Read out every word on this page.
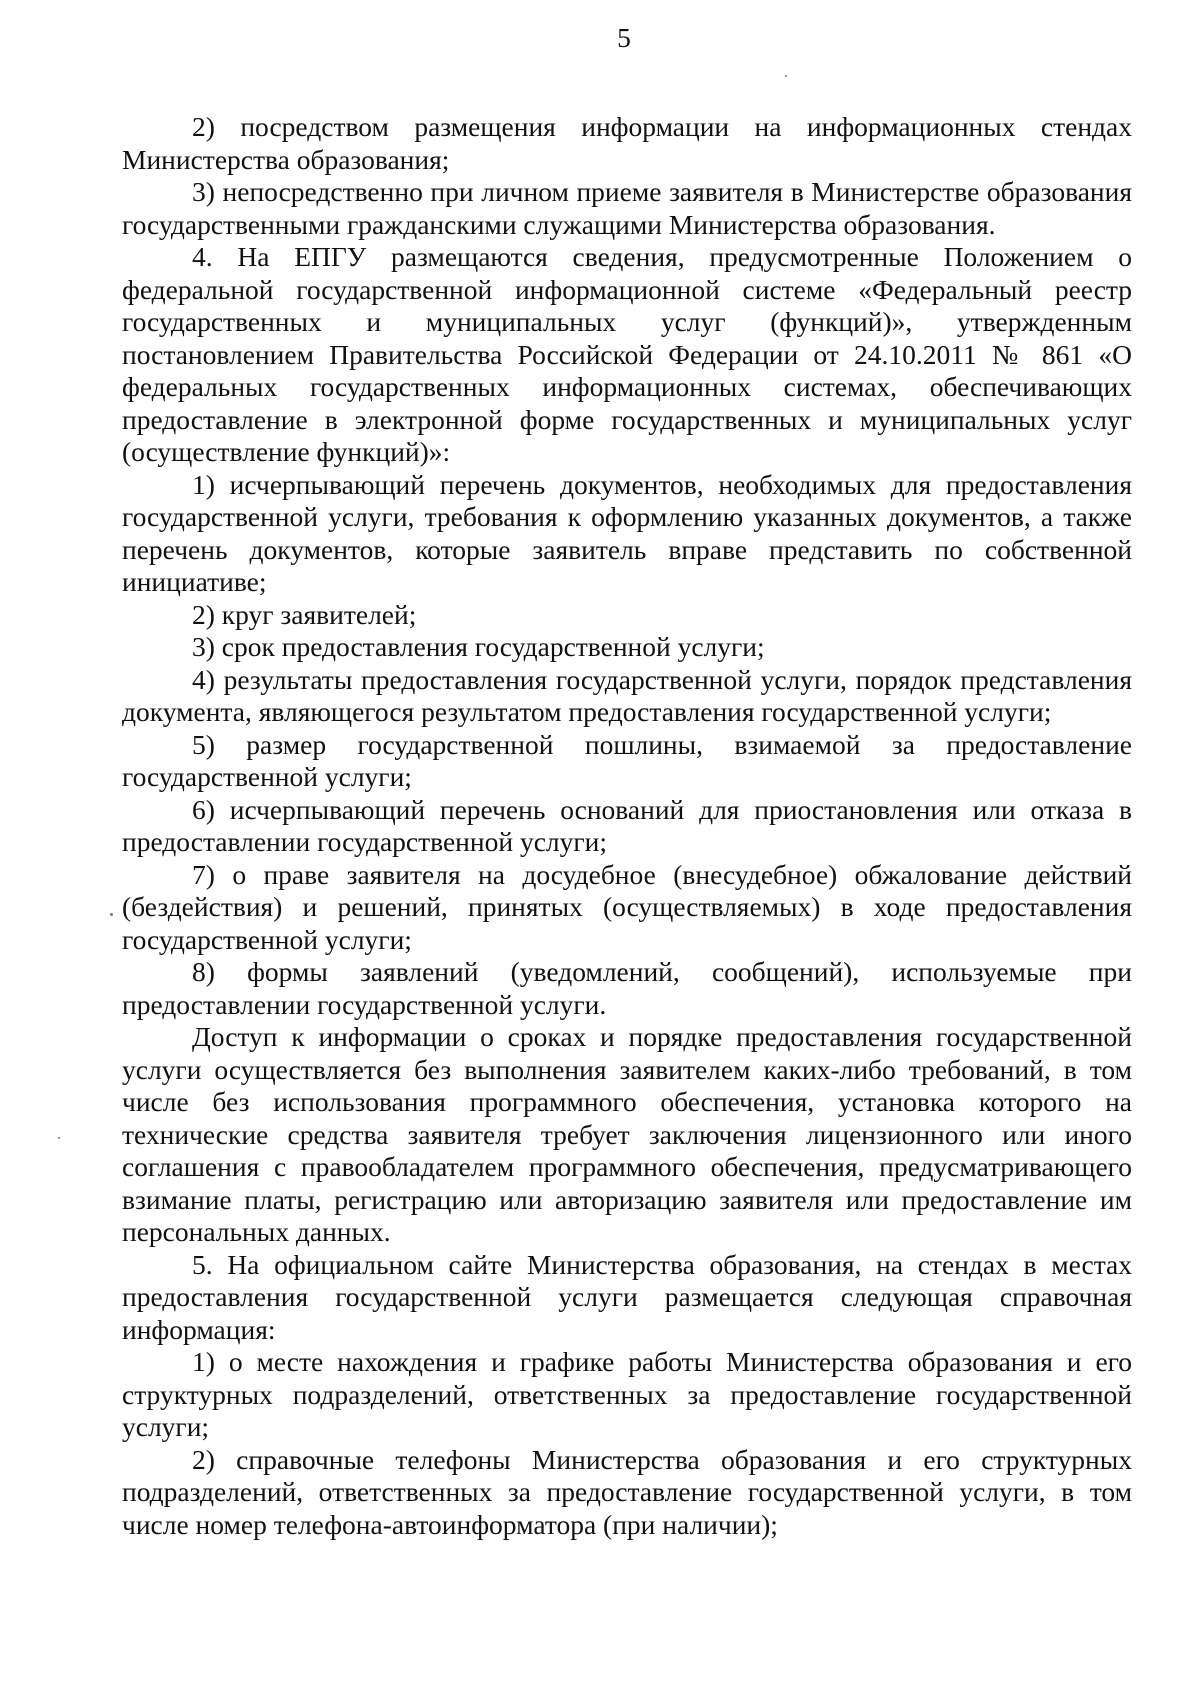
5

2) посредством размещения информации на информационных стендах Министерства образования;

3) непосредственно при личном приеме заявителя в Министерстве образования государственными гражданскими служащими Министерства образования.

4. На ЕПГУ размещаются сведения, предусмотренные Положением о федеральной государственной информационной системе «Федеральный реестр государственных и муниципальных услуг (функций)», утвержденным постановлением Правительства Российской Федерации от 24.10.2011 № 861 «О федеральных государственных информационных системах, обеспечивающих предоставление в электронной форме государственных и муниципальных услуг (осуществление функций)»:

1) исчерпывающий перечень документов, необходимых для предоставления государственной услуги, требования к оформлению указанных документов, а также перечень документов, которые заявитель вправе представить по собственной инициативе;

2) круг заявителей;

3) срок предоставления государственной услуги;

4) результаты предоставления государственной услуги, порядок представления документа, являющегося результатом предоставления государственной услуги;

5) размер государственной пошлины, взимаемой за предоставление государственной услуги;

6) исчерпывающий перечень оснований для приостановления или отказа в предоставлении государственной услуги;

7) о праве заявителя на досудебное (внесудебное) обжалование действий (бездействия) и решений, принятых (осуществляемых) в ходе предоставления государственной услуги;

8) формы заявлений (уведомлений, сообщений), используемые при предоставлении государственной услуги.

Доступ к информации о сроках и порядке предоставления государственной услуги осуществляется без выполнения заявителем каких-либо требований, в том числе без использования программного обеспечения, установка которого на технические средства заявителя требует заключения лицензионного или иного соглашения с правообладателем программного обеспечения, предусматривающего взимание платы, регистрацию или авторизацию заявителя или предоставление им персональных данных.

5. На официальном сайте Министерства образования, на стендах в местах предоставления государственной услуги размещается следующая справочная информация:

1) о месте нахождения и графике работы Министерства образования и его структурных подразделений, ответственных за предоставление государственной услуги;

2) справочные телефоны Министерства образования и его структурных подразделений, ответственных за предоставление государственной услуги, в том числе номер телефона-автоинформатора (при наличии);
